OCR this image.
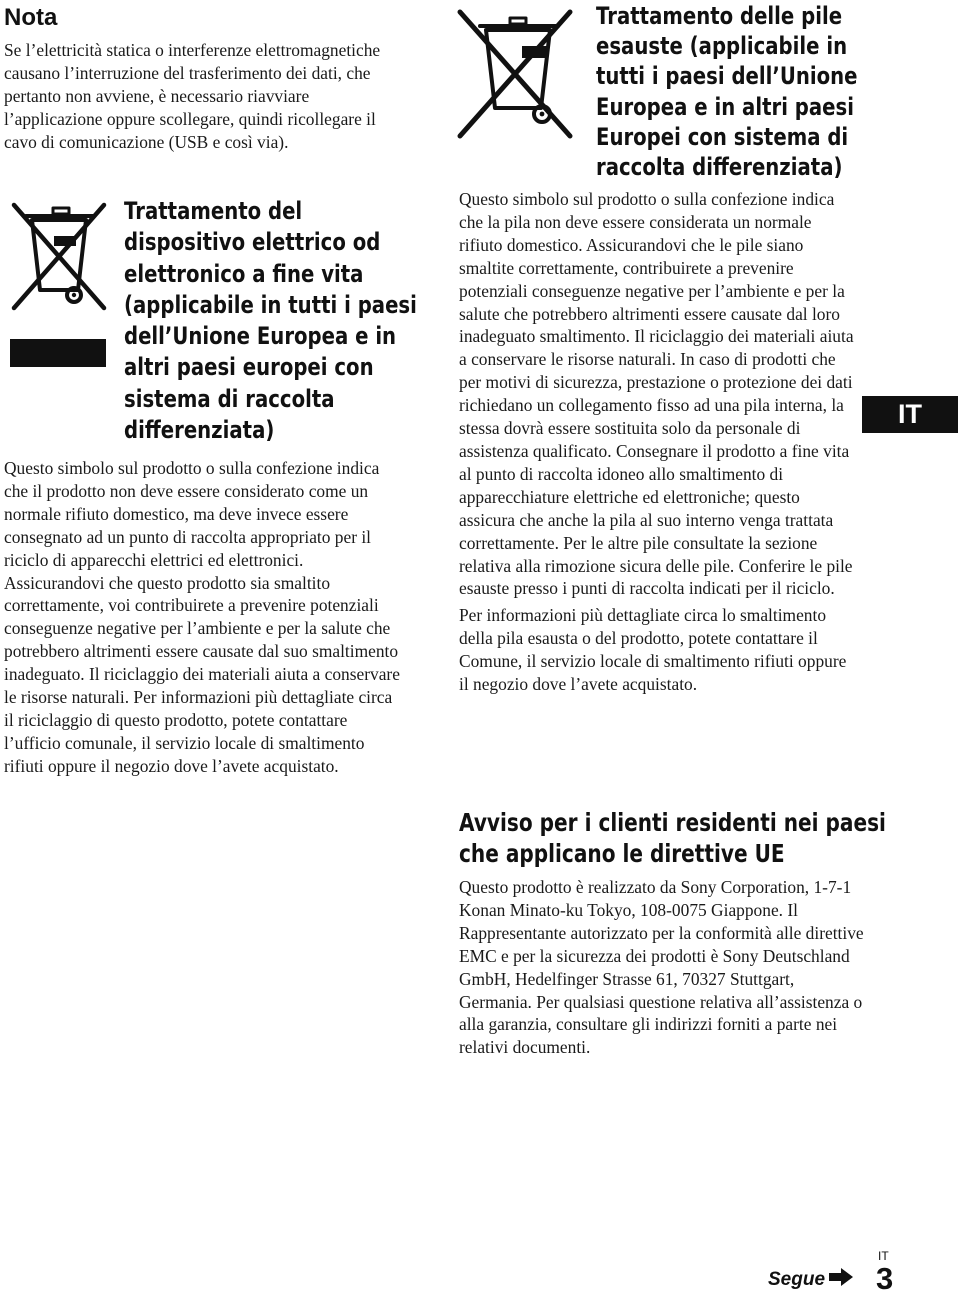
Nota

Se l’elettricità statica o interferenze elettromagnetiche causano l’interruzione del trasferimento dei dati, che pertanto non avviene, è necessario riavviare l’applicazione oppure scollegare, quindi ricollegare il cavo di comunicazione (USB e così via).

Trattamento del
dispositivo elettrico od
elettronico a fine vita
(applicabile in tutti i paesi
dell’Unione Europea e in
altri paesi europei con
sistema di raccolta
differenziata)

Questo simbolo sul prodotto o sulla confezione indica che il prodotto non deve essere considerato come un normale rifiuto domestico, ma deve invece essere consegnato ad un punto di raccolta appropriato per il riciclo di apparecchi elettrici ed elettronici. Assicurandovi che questo prodotto sia smaltito correttamente, voi contribuirete a prevenire potenziali conseguenze negative per l’ambiente e per la salute che potrebbero altrimenti essere causate dal suo smaltimento inadeguato. Il riciclaggio dei materiali aiuta a conservare le risorse naturali. Per informazioni più dettagliate circa il riciclaggio di questo prodotto, potete contattare l’ufficio comunale, il servizio locale di smaltimento rifiuti oppure il negozio dove l’avete acquistato.

Trattamento delle pile
esauste (applicabile in
tutti i paesi dell’Unione
Europea e in altri paesi
Europei con sistema di
raccolta differenziata)

Questo simbolo sul prodotto o sulla confezione indica che la pila non deve essere considerata un normale rifiuto domestico. Assicurandovi che le pile siano smaltite correttamente, contribuirete a prevenire potenziali conseguenze negative per l’ambiente e per la salute che potrebbero altrimenti essere causate dal loro inadeguato smaltimento. Il riciclaggio dei materiali aiuta a conservare le risorse naturali. In caso di prodotti che per motivi di sicurezza, prestazione o protezione dei dati richiedano un collegamento fisso ad una pila interna, la stessa dovrà essere sostituita solo da personale di assistenza qualificato. Consegnare il prodotto a fine vita al punto di raccolta idoneo allo smaltimento di apparecchiature elettriche ed elettroniche; questo assicura che anche la pila al suo interno venga trattata correttamente. Per le altre pile consultate la sezione relativa alla rimozione sicura delle pile. Conferire le pile esauste presso i punti di raccolta indicati per il riciclo.

Per informazioni più dettagliate circa lo smaltimento della pila esausta o del prodotto, potete contattare il Comune, il servizio locale di smaltimento rifiuti oppure il negozio dove l’avete acquistato.

Avviso per i clienti residenti nei paesi
che applicano le direttive UE

Questo prodotto è realizzato da Sony Corporation, 1-7-1 Konan Minato-ku Tokyo, 108-0075 Giappone. Il Rappresentante autorizzato per la conformità alle direttive EMC e per la sicurezza dei prodotti è Sony Deutschland GmbH, Hedelfinger Strasse 61, 70327 Stuttgart, Germania. Per qualsiasi questione relativa all’assistenza o alla garanzia, consultare gli indirizzi forniti a parte nei relativi documenti.

IT
Segue
IT
3
